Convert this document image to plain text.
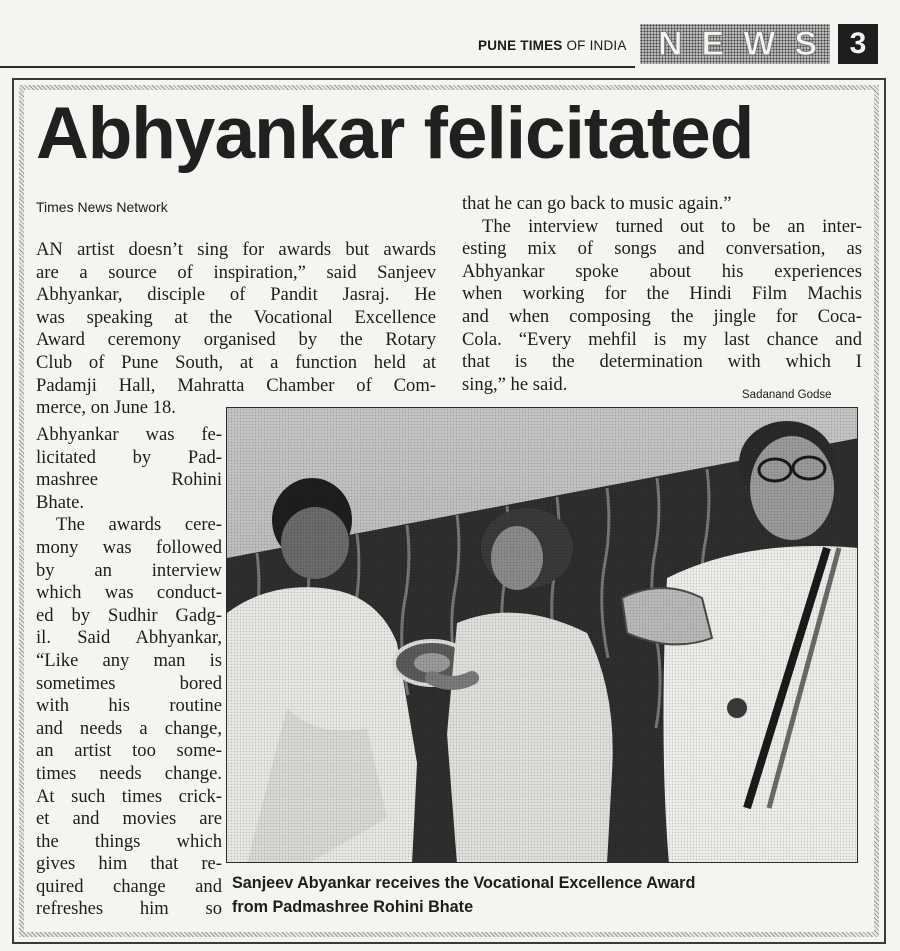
PUNE TIMES OF INDIA NEWS 3
Abhyankar felicitated
Times News Network
AN artist doesn’t sing for awards but awards
are a source of inspiration,” said Sanjeev
Abhyankar, disciple of Pandit Jasraj. He
was speaking at the Vocational Excellence
Award ceremony organised by the Rotary
Club of Pune South, at a function held at
Padamji Hall, Mahratta Chamber of Com-
merce, on June 18.
Abhyankar was fe-
licitated by Pad-
mashree Rohini
Bhate.
The awards cere-
mony was followed
by an interview
which was conduct-
ed by Sudhir Gadg-
il. Said Abhyankar,
“Like any man is
sometimes bored
with his routine
and needs a change,
an artist too some-
times needs change.
At such times crick-
et and movies are
the things which
gives him that re-
quired change and
refreshes him so
that he can go back to music again.”
The interview turned out to be an inter-
esting mix of songs and conversation, as
Abhyankar spoke about his experiences
when working for the Hindi Film Machis
and when composing the jingle for Coca-
Cola. “Every mehfil is my last chance and
that is the determination with which I
sing,” he said.
Sadanand Godse
Sanjeev Abyankar receives the Vocational Excellence Award
from Padmashree Rohini Bhate
